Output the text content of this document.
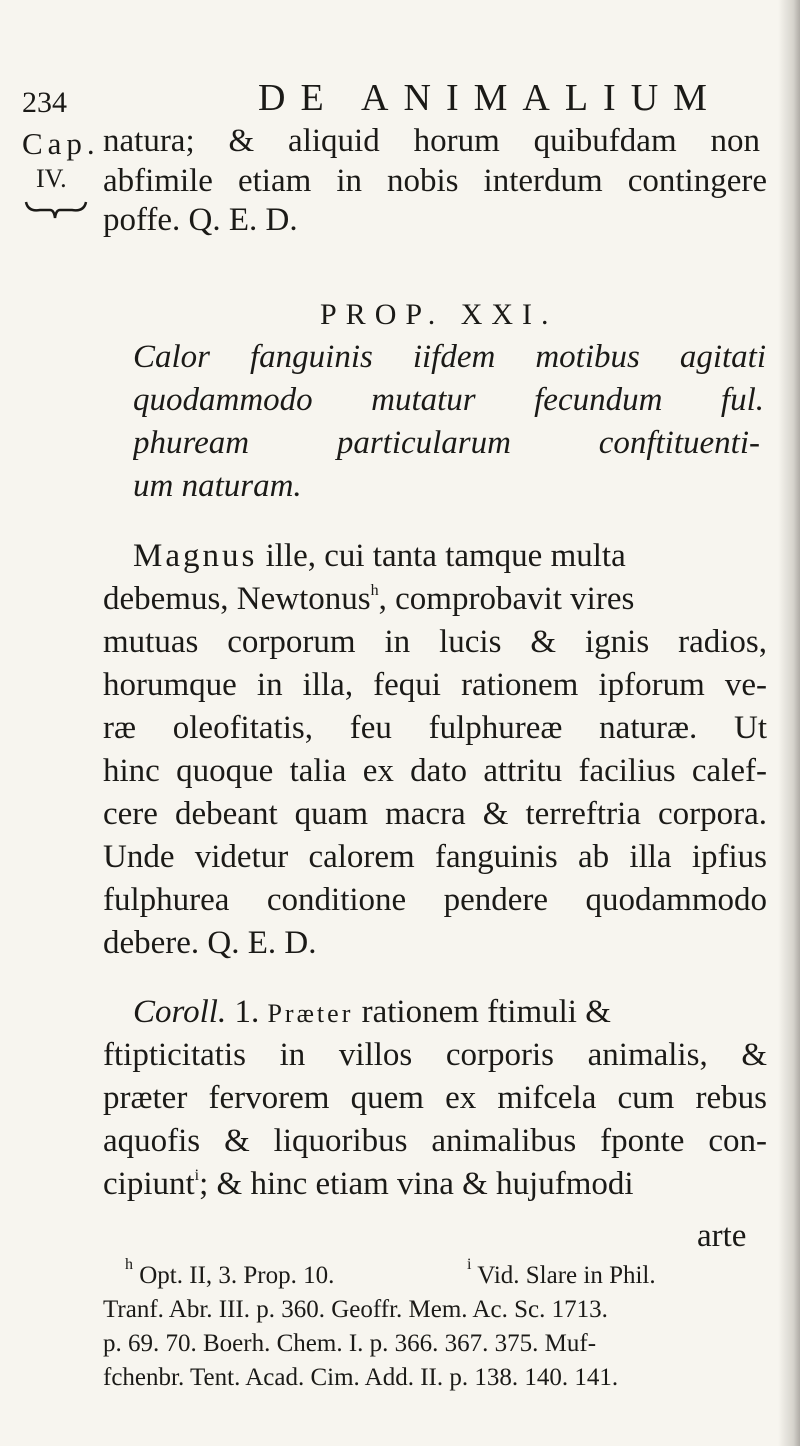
234	DE ANIMALIUM
Cap.
IV.
natura; & aliquid horum quibufdam non
abfimile etiam in nobis interdum contingere
poffe. Q. E. D.
PROP. XXI.
Calor fanguinis iifdem motibus agitati
quodammodo mutatur fecundum ful.
phuream particularum conftituenti-
um naturam.
Magnus ille, cui tanta tamque multa
debemus, Newtonus$^h$, comprobavit vires
mutuas corporum in lucis & ignis radios,
horumque in illa, fequi rationem ipforum ve-
ræ oleofitatis, feu fulphureæ naturæ. Ut
hinc quoque talia ex dato attritu facilius calef-
cere debeant quam macra & terreftria corpora.
Unde videtur calorem fanguinis ab illa ipfius
fulphurea conditione pendere quodammodo
debere. Q. E. D.
Coroll. 1. Præter rationem ftimuli &
ftipticitatis in villos corporis animalis, &
præter fervorem quem ex mifcela cum rebus
aquofis & liquoribus animalibus fponte con-
cipiunt$^i$; & hinc etiam vina & hujufmodi
arte
$^h$ Opt. II, 3. Prop. 10.	$^i$ Vid. Slare in Phil.
Tranf. Abr. III. p. 360. Geoffr. Mem. Ac. Sc. 1713.
p. 69. 70. Boerh. Chem. I. p. 366. 367. 375. Muf-
fchenbr. Tent. Acad. Cim. Add. II. p. 138. 140. 141.
